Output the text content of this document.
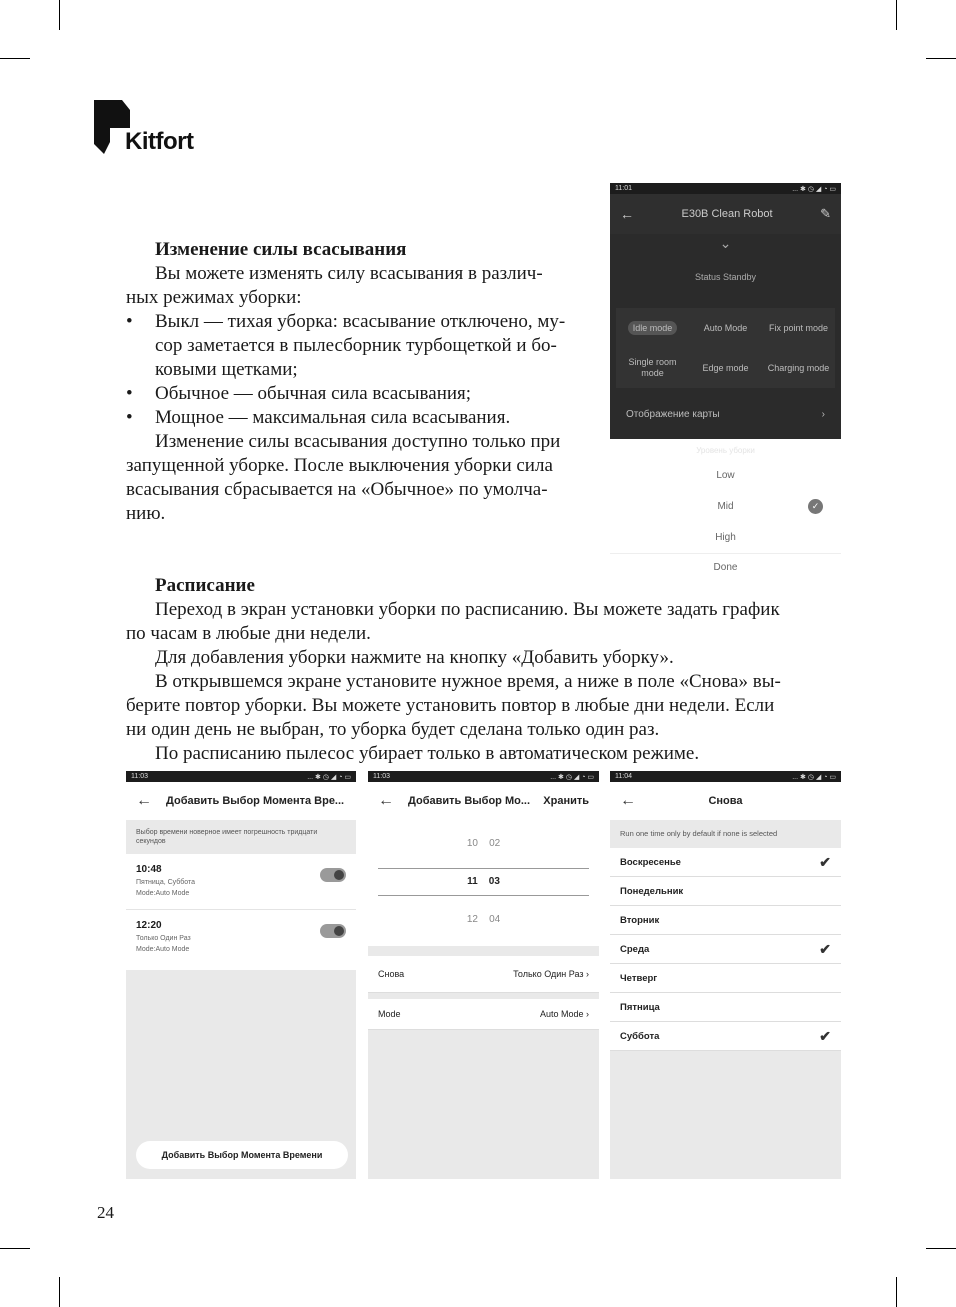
Kitfort

Изменение силы всасывания

Вы можете изменять силу всасывания в различ-

ных режимах уборки:

• Выкл — тихая уборка: всасывание отключено, му-

сор заметается в пылесборник турбощеткой и бо-

ковыми щетками;

• Обычное — обычная сила всасывания;

• Мощное — максимальная сила всасывания.

Изменение силы всасывания доступно только при

запущенной уборке. После выключения уборки сила

всасывания сбрасывается на «Обычное» по умолча-

нию.

Расписание

Переход в экран установки уборки по расписанию. Вы можете задать график

по часам в любые дни недели.

Для добавления уборки нажмите на кнопку «Добавить уборку».

В открывшемся экране установите нужное время, а ниже в поле «Снова» вы-

берите повтор уборки. Вы можете установить повтор в любые дни недели. Если

ни один день не выбран, то уборка будет сделана только один раз.

По расписанию пылесос убирает только в автоматическом режиме.

24
11:01	... ✱ ◷ ◢ ◔ ▭
←	E30B Clean Robot	✎
⌄
Status Standby
Idle mode	Auto Mode	Fix point mode
Single room mode
Edge mode	Charging mode
Отображение карты	›
Уровень уборки
Low
Mid	✓
High
Done
11:03	... ✱ ◷ ◢ ◔ ▭
← Добавить Выбор Момента Вре...
Выбор времени новерное имеет погрешность тридцати секундов
10:48
Пятница, Суббота
Mode:Auto Mode
12:20
Только Один Раз
Mode:Auto Mode
Добавить Выбор Момента Времени
11:03	... ✱ ◷ ◢ ◔ ▭
← Добавить Выбор Мо... Хранить
10 02
11 03
12 04
Снова	Только Один Раз ›
Mode	Auto Mode ›
11:04	... ✱ ◷ ◢ ◔ ▭
←	Снова
Run one time only by default if none is selected
Воскресенье	✔
Понедельник
Вторник
Среда	✔
Четверг
Пятница
Суббота	✔
